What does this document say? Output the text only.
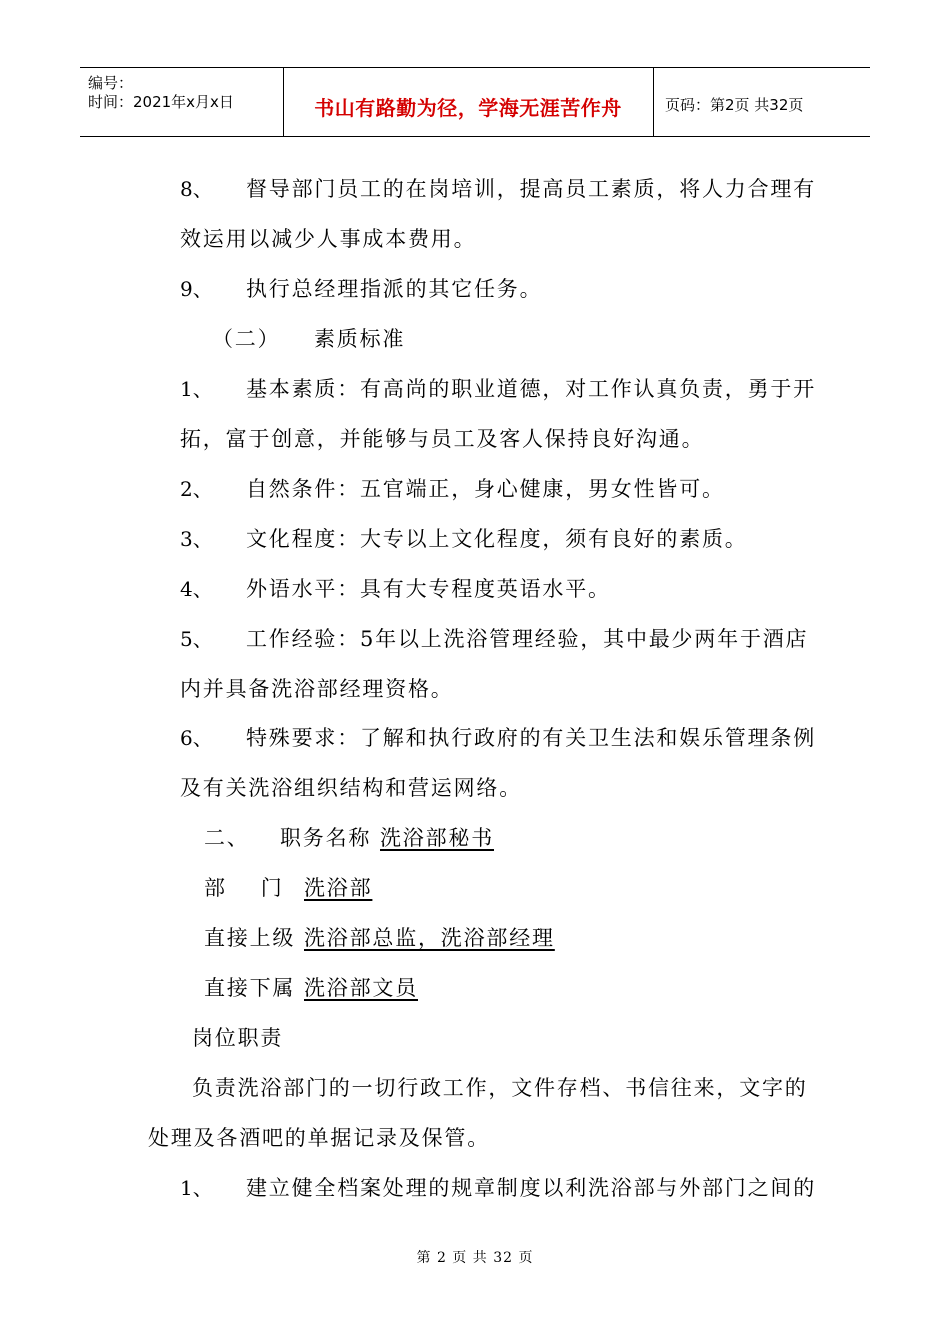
编号：
时间：2021年x月x日	书山有路勤为径，学海无涯苦作舟	页码：第2页 共32页
8、 督导部门员工的在岗培训，提高员工素质，将人力合理有
效运用以减少人事成本费用。
9、 执行总经理指派的其它任务。
（二） 素质标准
1、 基本素质：有高尚的职业道德，对工作认真负责，勇于开
拓，富于创意，并能够与员工及客人保持良好沟通。
2、 自然条件：五官端正，身心健康，男女性皆可。
3、 文化程度：大专以上文化程度，须有良好的素质。
4、 外语水平：具有大专程度英语水平。
5、 工作经验：5年以上洗浴管理经验，其中最少两年于酒店
内并具备洗浴部经理资格。
6、 特殊要求：了解和执行政府的有关卫生法和娱乐管理条例
及有关洗浴组织结构和营运网络。
二、 职务名称 洗浴部秘书
部    门 洗浴部
直接上级 洗浴部总监，洗浴部经理
直接下属 洗浴部文员
岗位职责
负责洗浴部门的一切行政工作，文件存档、书信往来，文字的
处理及各酒吧的单据记录及保管。
1、 建立健全档案处理的规章制度以利洗浴部与外部门之间的
第 2 页 共 32 页
